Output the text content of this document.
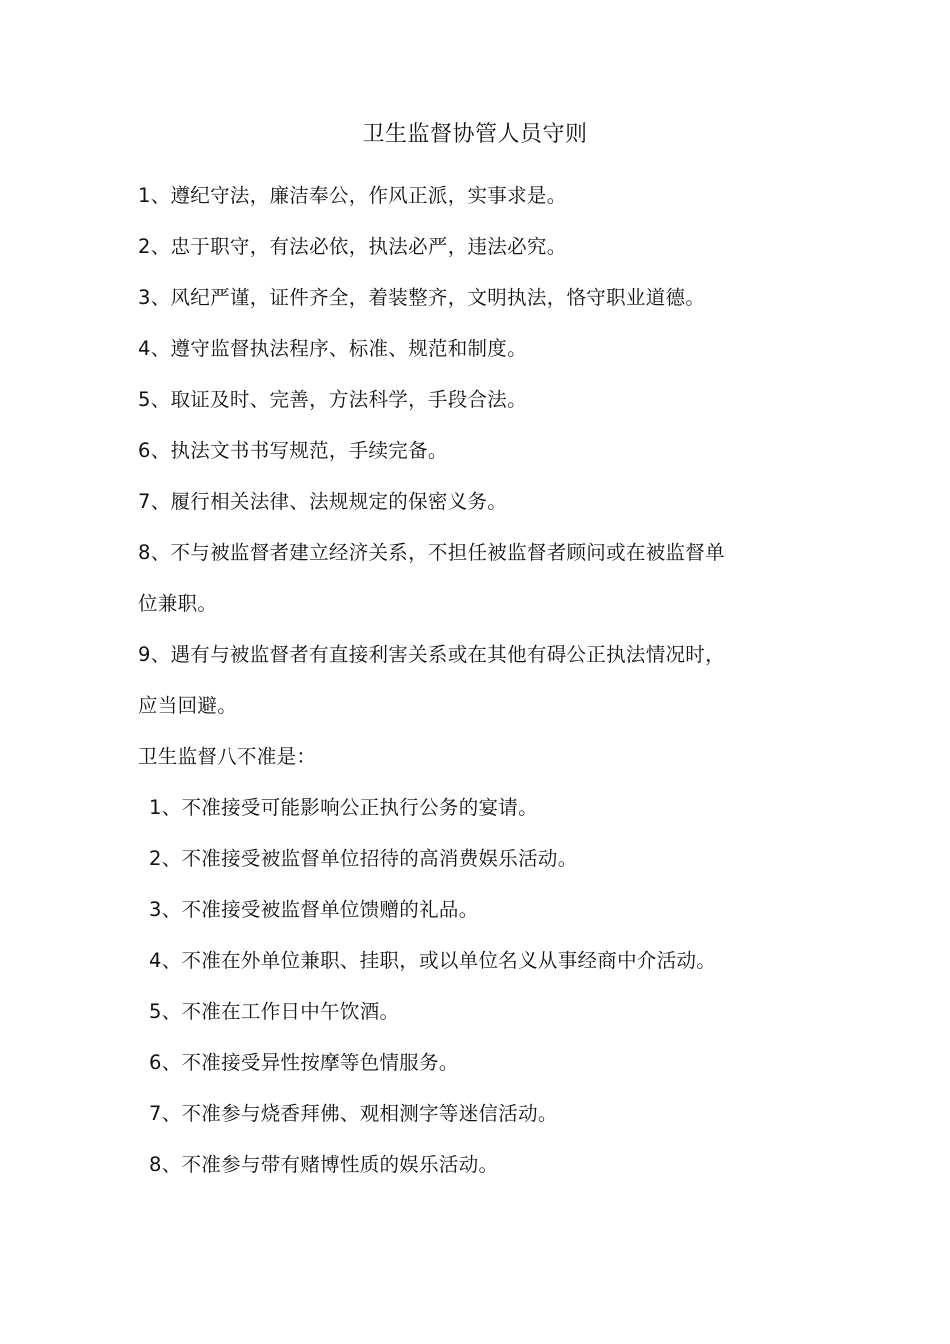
卫生监督协管人员守则
1、遵纪守法，廉洁奉公，作风正派，实事求是。
2、忠于职守，有法必依，执法必严，违法必究。
3、风纪严谨，证件齐全，着装整齐，文明执法，恪守职业道德。
4、遵守监督执法程序、标准、规范和制度。
5、取证及时、完善，方法科学，手段合法。
6、执法文书书写规范，手续完备。
7、履行相关法律、法规规定的保密义务。
8、不与被监督者建立经济关系，不担任被监督者顾问或在被监督单
位兼职。
9、遇有与被监督者有直接利害关系或在其他有碍公正执法情况时，
应当回避。
卫生监督八不准是：
1、不准接受可能影响公正执行公务的宴请。
2、不准接受被监督单位招待的高消费娱乐活动。
3、不准接受被监督单位馈赠的礼品。
4、不准在外单位兼职、挂职，或以单位名义从事经商中介活动。
5、不准在工作日中午饮酒。
6、不准接受异性按摩等色情服务。
7、不准参与烧香拜佛、观相测字等迷信活动。
8、不准参与带有赌博性质的娱乐活动。
